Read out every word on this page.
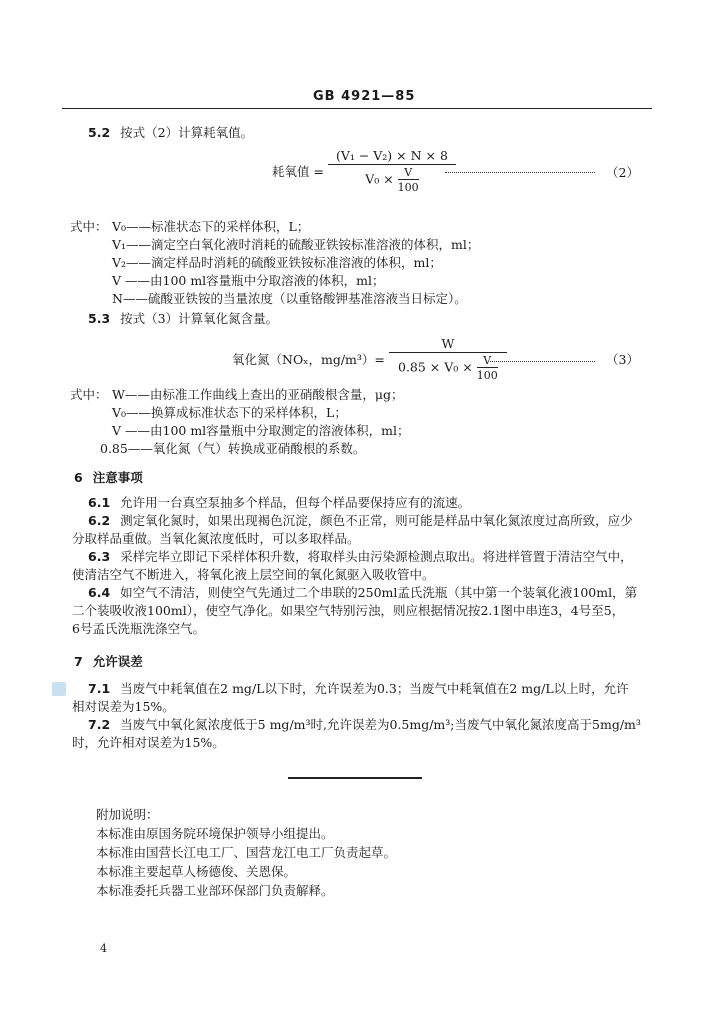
GB 4921—85
5.2 按式（2）计算耗氧值。
耗氧值 = $\frac{\text{(V₁ − V₂) × N × 8}}{V_0 \times \frac{V}{100}}$	（2）
式中： V₀——标准状态下的采样体积，L；
V₁——滴定空白氧化液时消耗的硫酸亚铁铵标准溶液的体积，ml；
V₂——滴定样品时消耗的硫酸亚铁铵标准溶液的体积，ml；
V ——由100 ml容量瓶中分取溶液的体积，ml；
N——硫酸亚铁铵的当量浓度（以重铬酸钾基准溶液当日标定）。
5.3 按式（3）计算氧化氮含量。
氧化氮（NOₓ，$mg/m^3)= \frac{W}{0.85 \times V_0 \times \frac{V}{100}}$	（3）
式中： W——由标准工作曲线上查出的亚硝酸根含量，μg；
V₀——换算成标准状态下的采样体积，L；
V ——由100 ml容量瓶中分取测定的溶液体积，ml；
0.85——氧化氮（气）转换成亚硝酸根的系数。
6 注意事项
6.1 允许用一台真空泵抽多个样品，但每个样品要保持应有的流速。
6.2 测定氧化氮时，如果出现褐色沉淀，颜色不正常，则可能是样品中氧化氮浓度过高所致，应少
分取样品重做。当氧化氮浓度低时，可以多取样品。
6.3 采样完毕立即记下采样体积升数，将取样头由污染源检测点取出。将进样管置于清洁空气中，
使清洁空气不断进入，将氧化液上层空间的氧化氮驱入吸收管中。
6.4 如空气不清洁，则使空气先通过二个串联的250ml孟氏洗瓶（其中第一个装氧化液100ml，第
二个装吸收液100ml），使空气净化。如果空气特别污浊，则应根据情况按2.1图中串连3，4号至5，
6号孟氏洗瓶洗涤空气。
7 允许误差
7.1 当废气中耗氧值在2 mg/L以下时，允许误差为0.3；当废气中耗氧值在2 mg/L以上时，允许
相对误差为15%。
7.2 当废气中氧化氮浓度低于5 mg/m³时,允许误差为0.5mg/m³;当废气中氧化氮浓度高于5mg/m³
时，允许相对误差为15%。
附加说明：
本标准由原国务院环境保护领导小组提出。
本标准由国营长江电工厂、国营龙江电工厂负责起草。
本标准主要起草人杨德俊、关恩保。
本标准委托兵器工业部环保部门负责解释。
4
